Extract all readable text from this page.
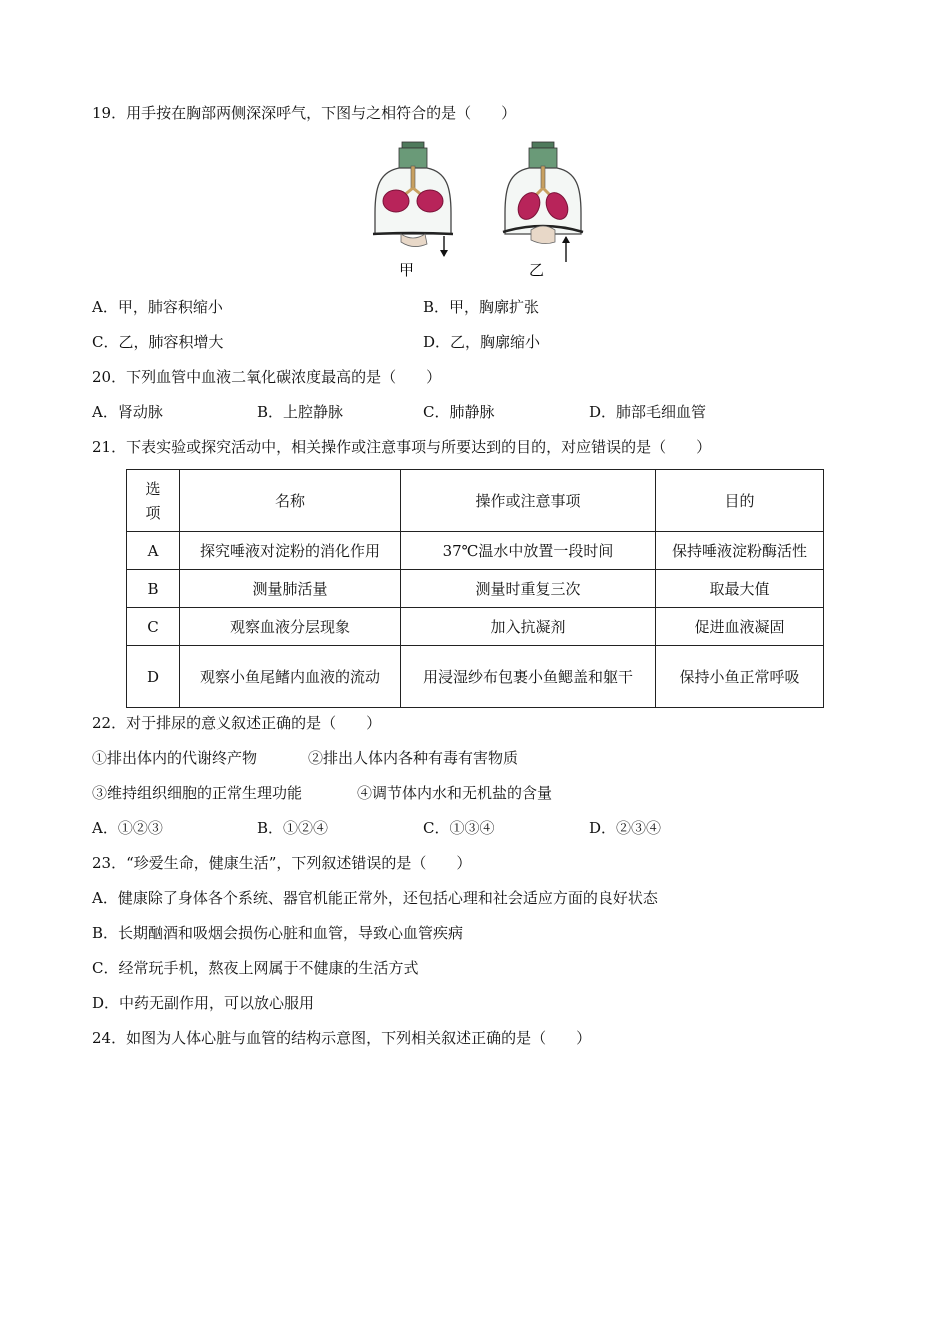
19．用手按在胸部两侧深深呼气，下图与之相符合的是（　　）
甲	乙
A．甲，肺容积缩小	B．甲，胸廓扩张
C．乙，肺容积增大	D．乙，胸廓缩小
20．下列血管中血液二氧化碳浓度最高的是（　　）
A．肾动脉	B．上腔静脉	C．肺静脉	D．肺部毛细血管
21．下表实验或探究活动中，相关操作或注意事项与所要达到的目的，对应错误的是（　　）
选项	名称	操作或注意事项	目的
A	探究唾液对淀粉的消化作用	37℃温水中放置一段时间	保持唾液淀粉酶活性
B	测量肺活量	测量时重复三次	取最大值
C	观察血液分层现象	加入抗凝剂	促进血液凝固
D	观察小鱼尾鳍内血液的流动	用浸湿纱布包裹小鱼鳃盖和躯干	保持小鱼正常呼吸
22．对于排尿的意义叙述正确的是（　　）
①排出体内的代谢终产物	②排出人体内各种有毒有害物质
③维持组织细胞的正常生理功能	④调节体内水和无机盐的含量
A．①②③	B．①②④	C．①③④	D．②③④
23．“珍爱生命，健康生活”，下列叙述错误的是（　　）
A．健康除了身体各个系统、器官机能正常外，还包括心理和社会适应方面的良好状态
B．长期酗酒和吸烟会损伤心脏和血管，导致心血管疾病
C．经常玩手机，熬夜上网属于不健康的生活方式
D．中药无副作用，可以放心服用
24．如图为人体心脏与血管的结构示意图，下列相关叙述正确的是（　　）
